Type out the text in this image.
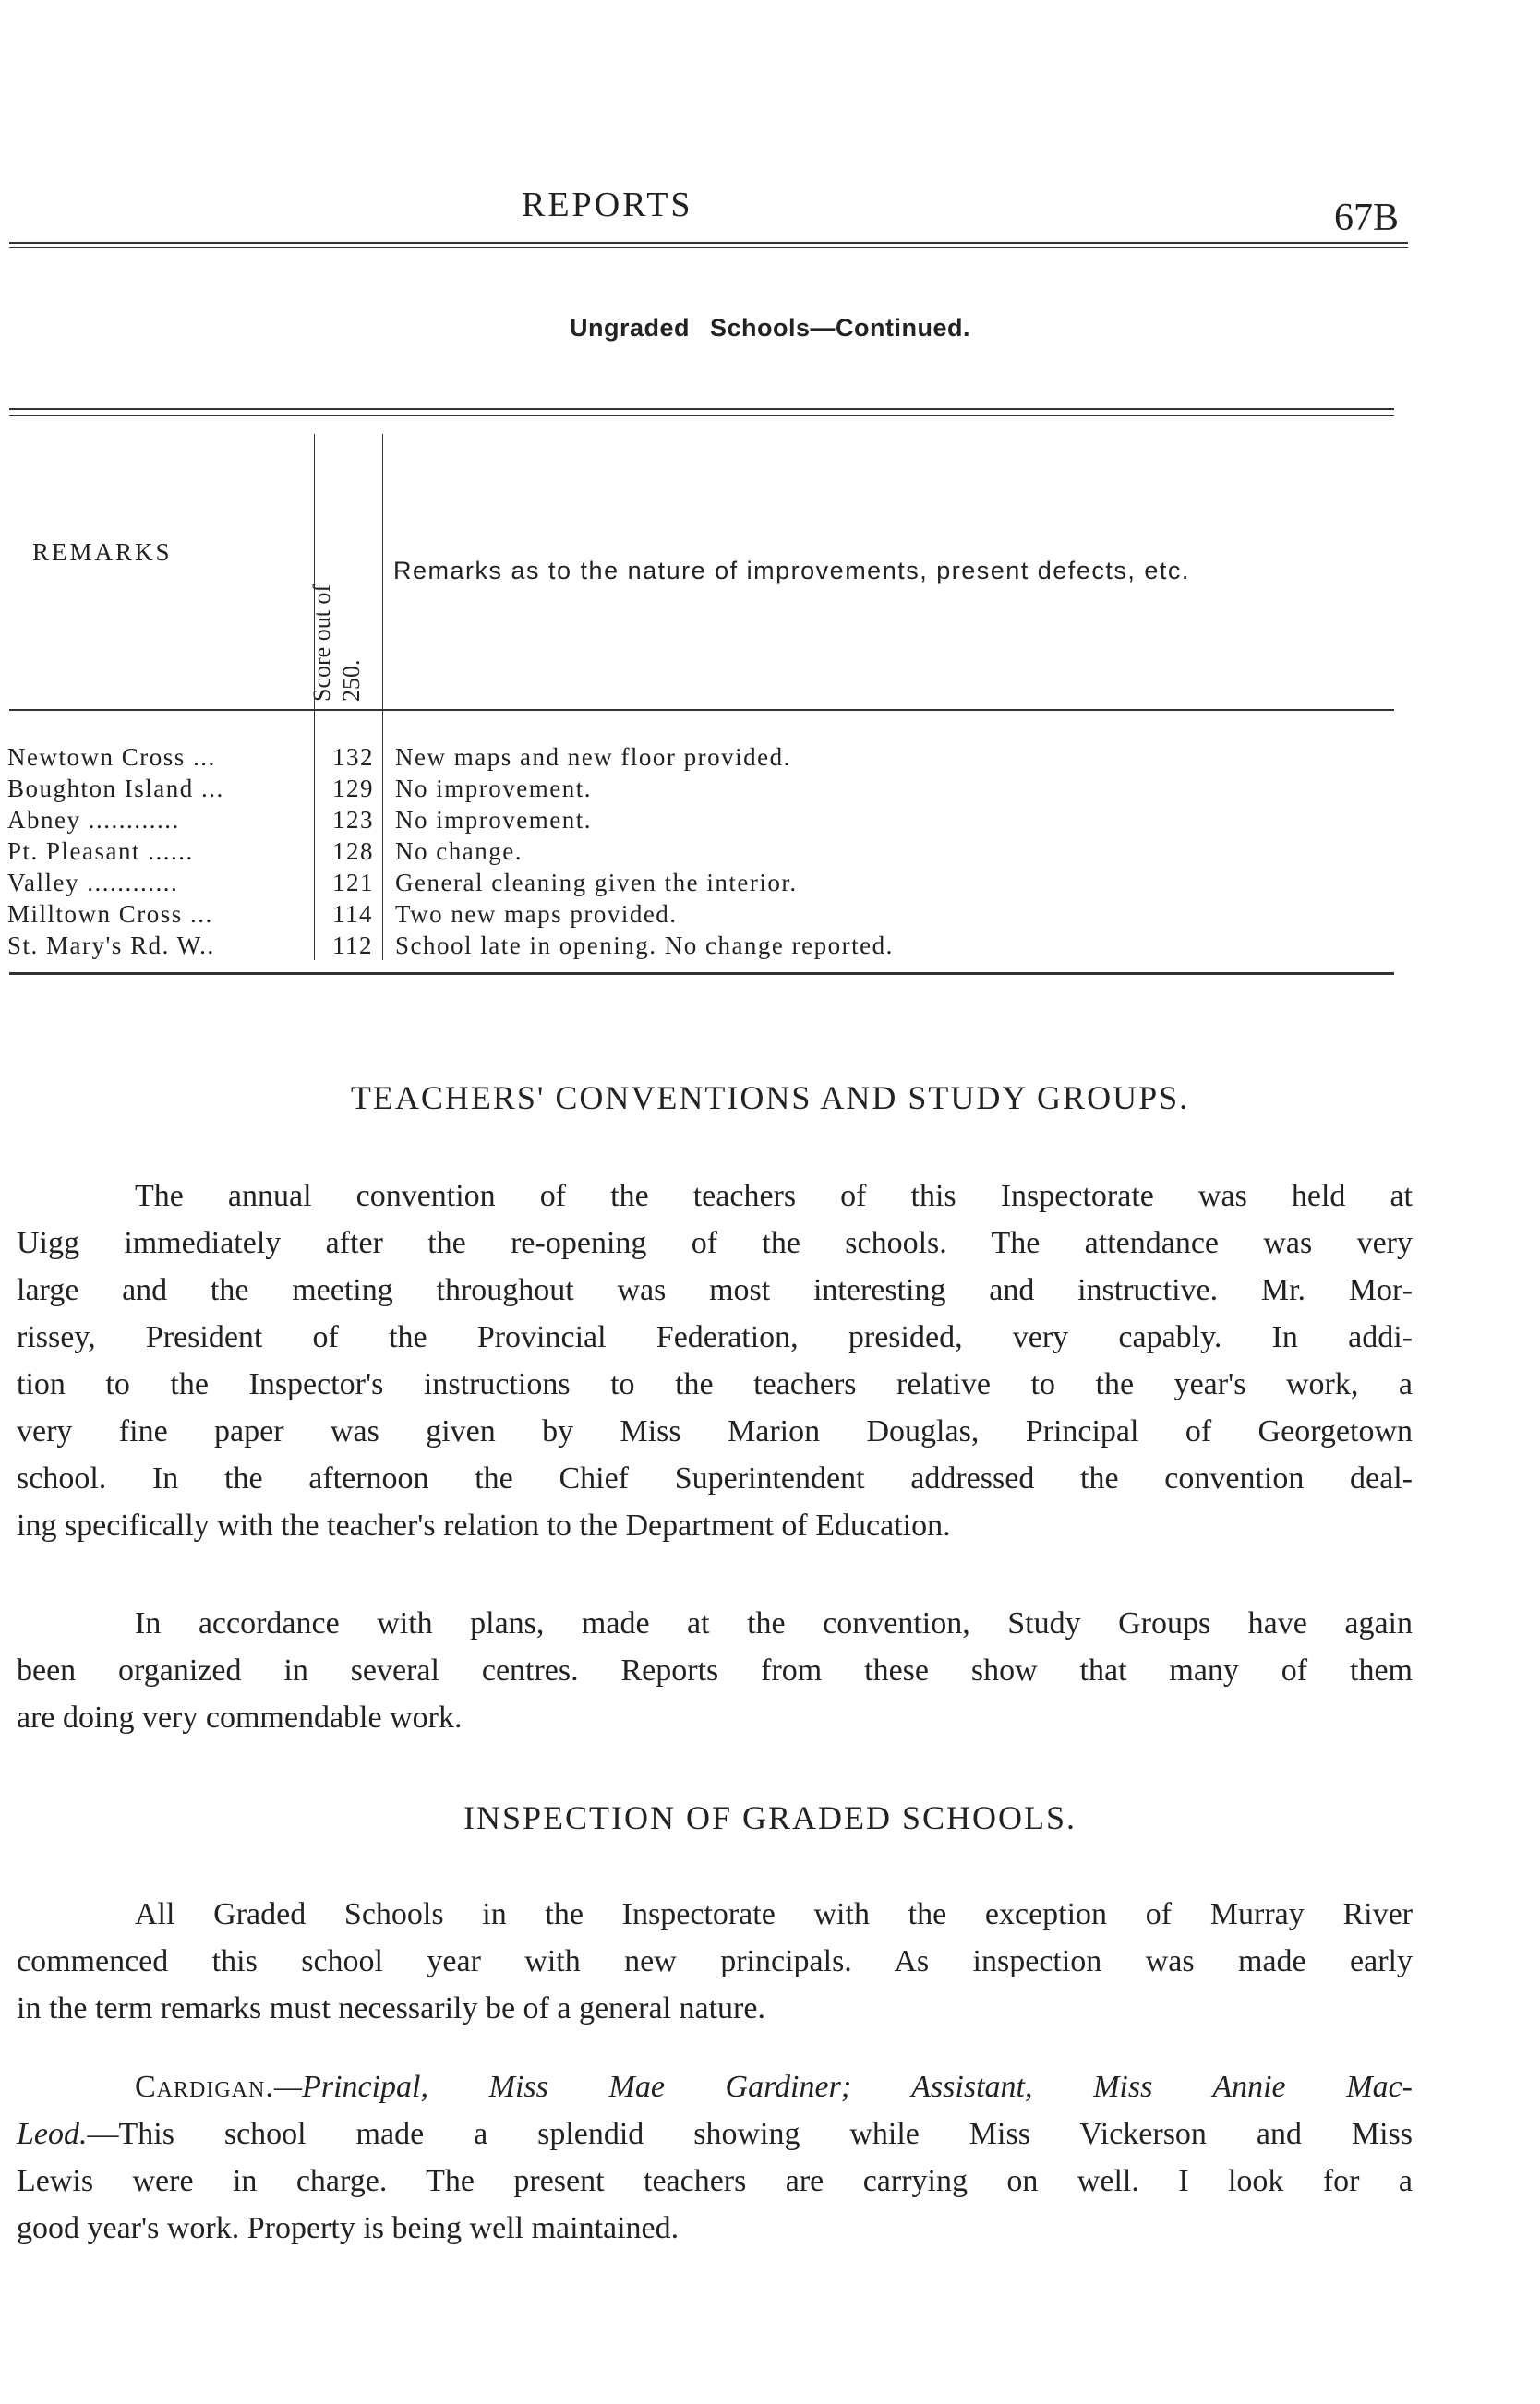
REPORTS	67B
Ungraded Schools—Continued.
REMARKS
Score out of 250.
Remarks as to the nature of improvements, present defects, etc.
Newtown Cross ...	132 New maps and new floor provided.
Boughton Island ...	129 No improvement.
Abney ............	123 No improvement.
Pt. Pleasant ......	128 No change.
Valley ............	121 General cleaning given the interior.
Milltown Cross ...	114 Two new maps provided.
St. Mary's Rd. W..	112 School late in opening. No change reported.
TEACHERS' CONVENTIONS AND STUDY GROUPS.
The annual convention of the teachers of this Inspectorate was held at
Uigg immediately after the re-opening of the schools. The attendance was very
large and the meeting throughout was most interesting and instructive. Mr. Mor-
rissey, President of the Provincial Federation, presided, very capably. In addi-
tion to the Inspector's instructions to the teachers relative to the year's work, a
very fine paper was given by Miss Marion Douglas, Principal of Georgetown
school. In the afternoon the Chief Superintendent addressed the convention deal-
ing specifically with the teacher's relation to the Department of Education.
In accordance with plans, made at the convention, Study Groups have again
been organized in several centres. Reports from these show that many of them
are doing very commendable work.
INSPECTION OF GRADED SCHOOLS.
All Graded Schools in the Inspectorate with the exception of Murray River
commenced this school year with new principals. As inspection was made early
in the term remarks must necessarily be of a general nature.
Cardigan.—Principal, Miss Mae Gardiner; Assistant, Miss Annie Mac-
Leod.—This school made a splendid showing while Miss Vickerson and Miss
Lewis were in charge. The present teachers are carrying on well. I look for a
good year's work. Property is being well maintained.
